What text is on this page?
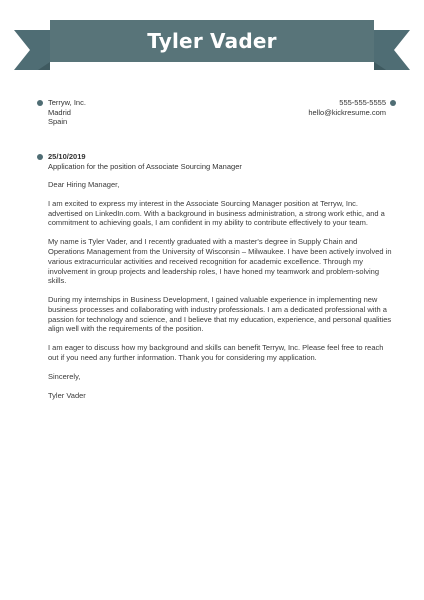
Tyler Vader
Terryw, Inc.
Madrid
Spain
555-555-5555
hello@kickresume.com
25/10/2019
Application for the position of Associate Sourcing Manager

Dear Hiring Manager,

I am excited to express my interest in the Associate Sourcing Manager position at Terryw, Inc. advertised on LinkedIn.com. With a background in business administration, a strong work ethic, and a commitment to achieving goals, I am confident in my ability to contribute effectively to your team.

My name is Tyler Vader, and I recently graduated with a master's degree in Supply Chain and Operations Management from the University of Wisconsin – Milwaukee. I have been actively involved in various extracurricular activities and received recognition for academic excellence. Through my involvement in group projects and leadership roles, I have honed my teamwork and problem-solving skills.

During my internships in Business Development, I gained valuable experience in implementing new business processes and collaborating with industry professionals. I am a dedicated professional with a passion for technology and science, and I believe that my education, experience, and personal qualities align well with the requirements of the position.

I am eager to discuss how my background and skills can benefit Terryw, Inc. Please feel free to reach out if you need any further information. Thank you for considering my application.

Sincerely,

Tyler Vader
